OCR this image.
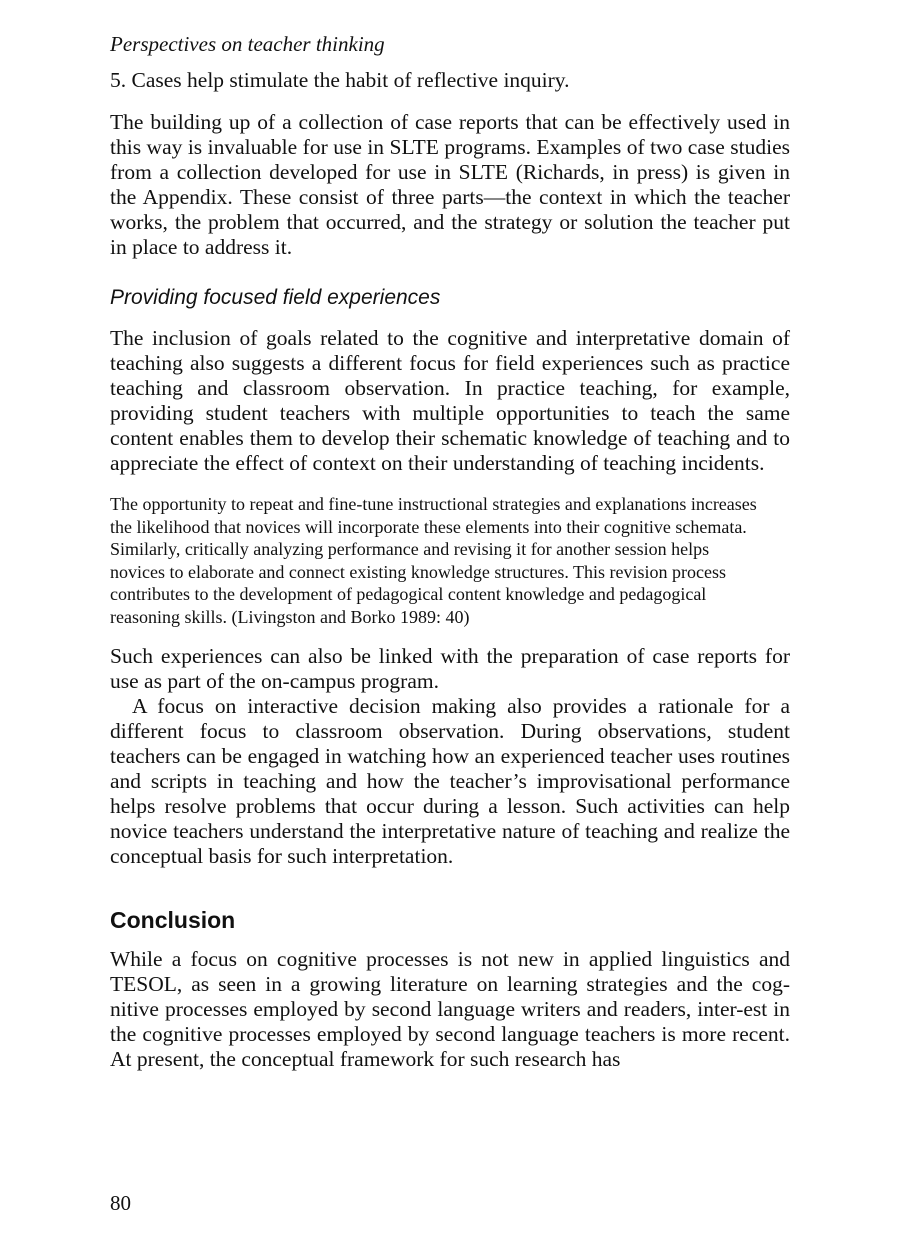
Perspectives on teacher thinking

5. Cases help stimulate the habit of reflective inquiry.

The building up of a collection of case reports that can be effectively used in this way is invaluable for use in SLTE programs. Examples of two case studies from a collection developed for use in SLTE (Richards, in press) is given in the Appendix. These consist of three parts—the context in which the teacher works, the problem that occurred, and the strategy or solution the teacher put in place to address it.

Providing focused field experiences

The inclusion of goals related to the cognitive and interpretative domain of teaching also suggests a different focus for field experiences such as practice teaching and classroom observation. In practice teaching, for example, providing student teachers with multiple opportunities to teach the same content enables them to develop their schematic knowledge of teaching and to appreciate the effect of context on their understanding of teaching incidents.

The opportunity to repeat and fine-tune instructional strategies and explanations increases the likelihood that novices will incorporate these elements into their cognitive schemata. Similarly, critically analyzing performance and revising it for another session helps novices to elaborate and connect existing knowledge structures. This revision process contributes to the development of pedagogical content knowledge and pedagogical reasoning skills. (Livingston and Borko 1989: 40)

Such experiences can also be linked with the preparation of case reports for use as part of the on-campus program.

A focus on interactive decision making also provides a rationale for a different focus to classroom observation. During observations, student teachers can be engaged in watching how an experienced teacher uses routines and scripts in teaching and how the teacher’s improvisational performance helps resolve problems that occur during a lesson. Such activities can help novice teachers understand the interpretative nature of teaching and realize the conceptual basis for such interpretation.

Conclusion

While a focus on cognitive processes is not new in applied linguistics and TESOL, as seen in a growing literature on learning strategies and the cog-nitive processes employed by second language writers and readers, inter-est in the cognitive processes employed by second language teachers is more recent. At present, the conceptual framework for such research has

80
